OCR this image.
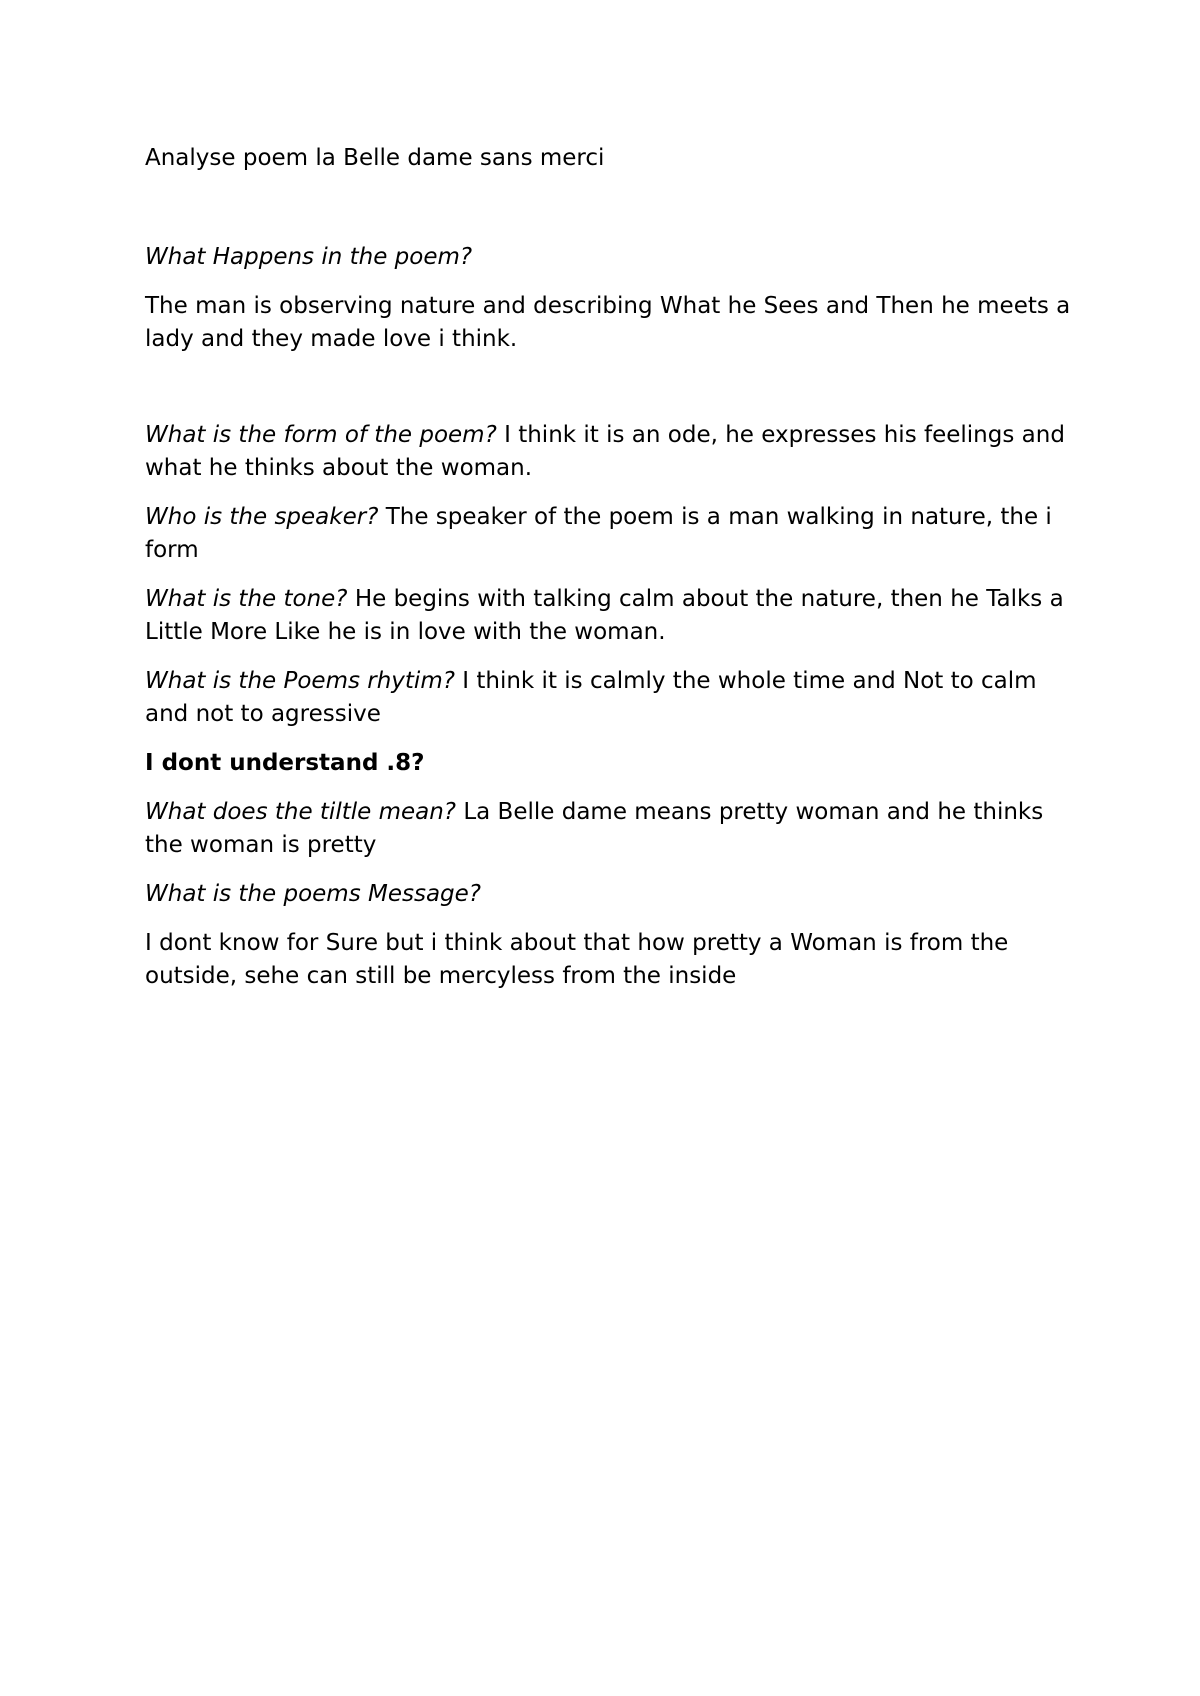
Analyse poem la Belle dame sans merci

What Happens in the poem?

The man is observing nature and describing What he Sees and Then he meets a lady and they made love i think.

What is the form of the poem? I think it is an ode, he expresses his feelings and what he thinks about the woman.

Who is the speaker? The speaker of the poem is a man walking in nature, the i form

What is the tone? He begins with talking calm about the nature, then he Talks a Little More Like he is in love with the woman.

What is the Poems rhytim? I think it is calmly the whole time and Not to calm and not to agressive

I dont understand .8?

What does the tiltle mean? La Belle dame means pretty woman and he thinks the woman is pretty

What is the poems Message?

I dont know for Sure but i think about that how pretty a Woman is from the outside, sehe can still be mercyless from the inside
